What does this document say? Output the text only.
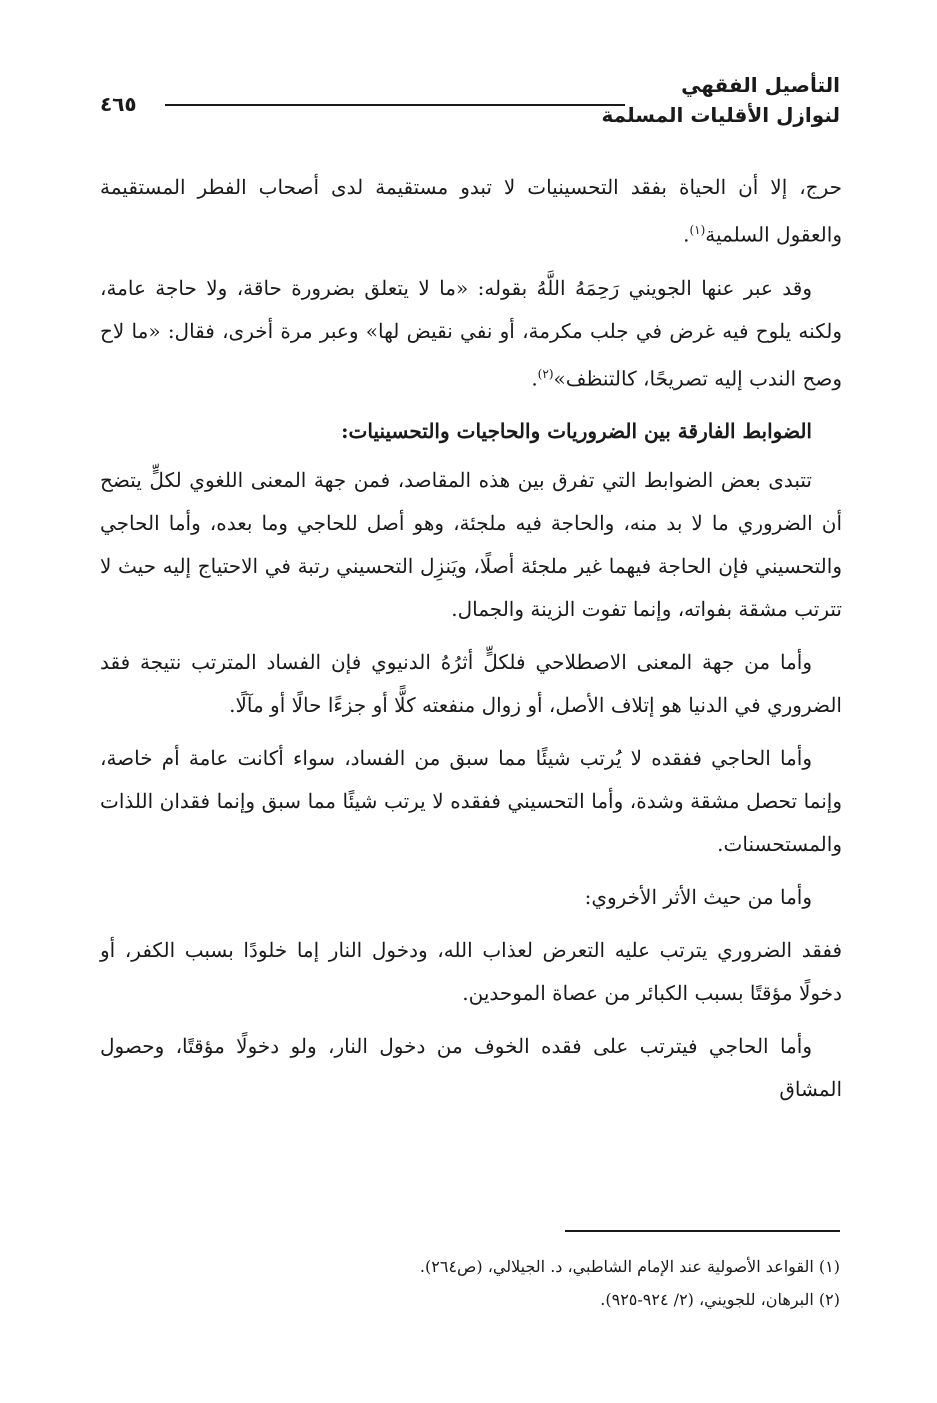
التأصيل الفقهي
لنوازل الأقليات المسلمة
٤٦٥

حرج، إلا أن الحياة بفقد التحسينيات لا تبدو مستقيمة لدى أصحاب الفطر المستقيمة والعقول السلمية$^{(١)}$.

وقد عبر عنها الجويني رَحِمَهُ اللَّهُ بقوله: «ما لا يتعلق بضرورة حاقة، ولا حاجة عامة، ولكنه يلوح فيه غرض في جلب مكرمة، أو نفي نقيض لها» وعبر مرة أخرى، فقال: «ما لاح وصح الندب إليه تصريحًا، كالتنظف»$^{(٢)}$.

الضوابط الفارقة بين الضروريات والحاجيات والتحسينيات:

تتبدى بعض الضوابط التي تفرق بين هذه المقاصد، فمن جهة المعنى اللغوي لكلٍّ يتضح أن الضروري ما لا بد منه، والحاجة فيه ملجئة، وهو أصل للحاجي وما بعده، وأما الحاجي والتحسيني فإن الحاجة فيهما غير ملجئة أصلًا، ويَنزِل التحسيني رتبة في الاحتياج إليه حيث لا تترتب مشقة بفواته، وإنما تفوت الزينة والجمال.

وأما من جهة المعنى الاصطلاحي فلكلٍّ أثرُهُ الدنيوي فإن الفساد المترتب نتيجة فقد الضروري في الدنيا هو إتلاف الأصل، أو زوال منفعته كلًّا أو جزءًا حالًا أو مآلًا.

وأما الحاجي ففقده لا يُرتب شيئًا مما سبق من الفساد، سواء أكانت عامة أم خاصة، وإنما تحصل مشقة وشدة، وأما التحسيني ففقده لا يرتب شيئًا مما سبق وإنما فقدان اللذات والمستحسنات.

وأما من حيث الأثر الأخروي:

ففقد الضروري يترتب عليه التعرض لعذاب الله، ودخول النار إما خلودًا بسبب الكفر، أو دخولًا مؤقتًا بسبب الكبائر من عصاة الموحدين.

وأما الحاجي فيترتب على فقده الخوف من دخول النار، ولو دخولًا مؤقتًا، وحصول المشاق

(١) القواعد الأصولية عند الإمام الشاطبي، د. الجيلالي، (ص٢٦٤).
(٢) البرهان، للجويني، (٢/ ٩٢٤-٩٢٥).
